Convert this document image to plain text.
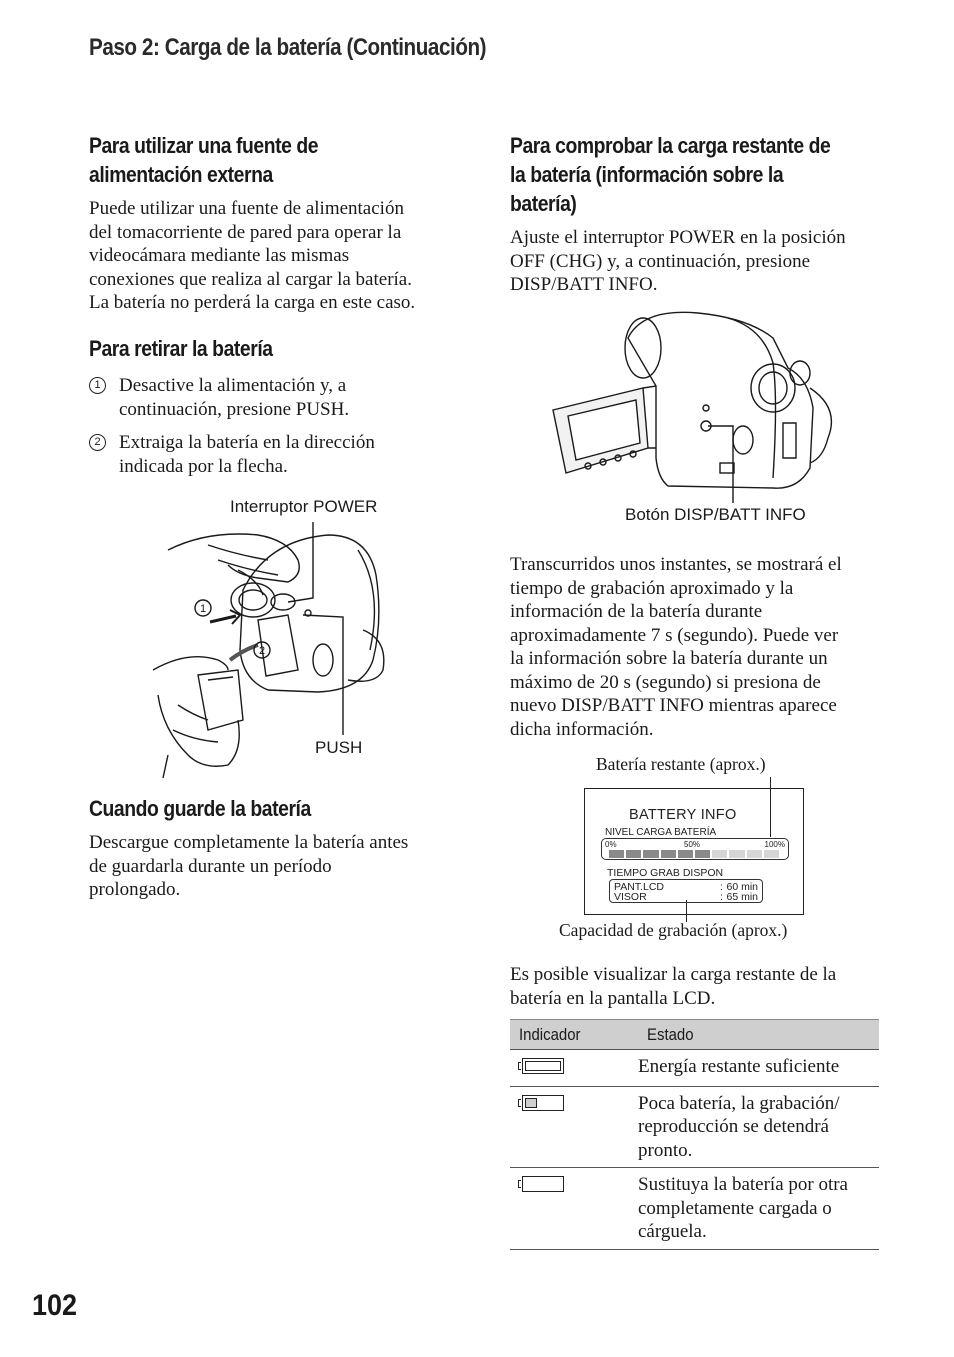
Paso 2: Carga de la batería (Continuación)
Para utilizar una fuente de
alimentación externa
Puede utilizar una fuente de alimentación
del tomacorriente de pared para operar la
videocámara mediante las mismas
conexiones que realiza al cargar la batería.
La batería no perderá la carga en este caso.
Para retirar la batería
1 Desactive la alimentación y, a
continuación, presione PUSH.
2 Extraiga la batería en la dirección
indicada por la flecha.
Interruptor POWER
PUSH
1
2
Cuando guarde la batería
Descargue completamente la batería antes
de guardarla durante un período
prolongado.
Para comprobar la carga restante de
la batería (información sobre la
batería)
Ajuste el interruptor POWER en la posición
OFF (CHG) y, a continuación, presione
DISP/BATT INFO.
Botón DISP/BATT INFO
Transcurridos unos instantes, se mostrará el
tiempo de grabación aproximado y la
información de la batería durante
aproximadamente 7 s (segundo). Puede ver
la información sobre la batería durante un
máximo de 20 s (segundo) si presiona de
nuevo DISP/BATT INFO mientras aparece
dicha información.
Batería restante (aprox.)
BATTERY INFO
NIVEL CARGA BATERÍA
0%	50%	100%
TIEMPO GRAB DISPON
PANT.LCD	: 60 min
VISOR	: 65 min
Capacidad de grabación (aprox.)
Es posible visualizar la carga restante de la
batería en la pantalla LCD.
Indicador	Estado

	Energía restante suficiente

	Poca batería, la grabación/
reproducción se detendrá
pronto.

	Sustituya la batería por otra
completamente cargada o
cárguela.
102
